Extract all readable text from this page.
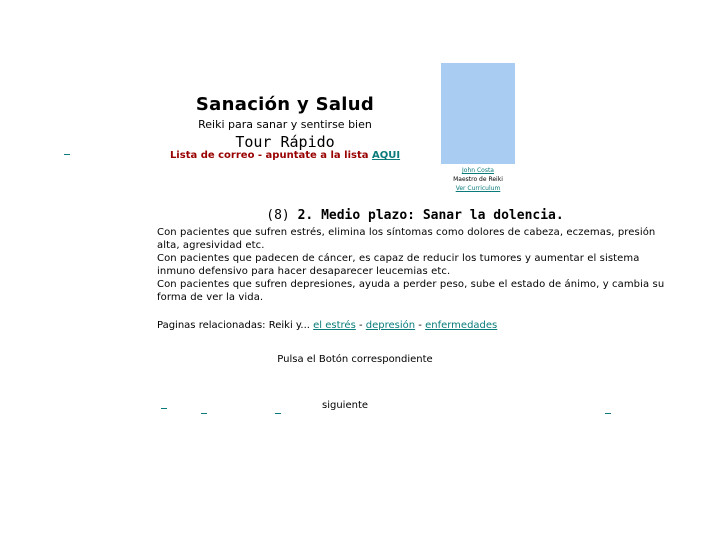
Sanación y Salud
Reiki para sanar y sentirse bien
Tour Rápido
Lista de correo - apuntate a la lista AQUI
John Costa
Maestro de Reiki
Ver Curriculum
(8) 2. Medio plazo: Sanar la dolencia.

Con pacientes que sufren estrés, elimina los síntomas como dolores de cabeza, eczemas, presión alta, agresividad etc.

Con pacientes que padecen de cáncer, es capaz de reducir los tumores y aumentar el sistema inmuno defensivo para hacer desaparecer leucemias etc.

Con pacientes que sufren depresiones, ayuda a perder peso, sube el estado de ánimo, y cambia su forma de ver la vida.

Paginas relacionadas: Reiki y... el estrés - depresión - enfermedades
Pulsa el Botón correspondiente
siguiente
